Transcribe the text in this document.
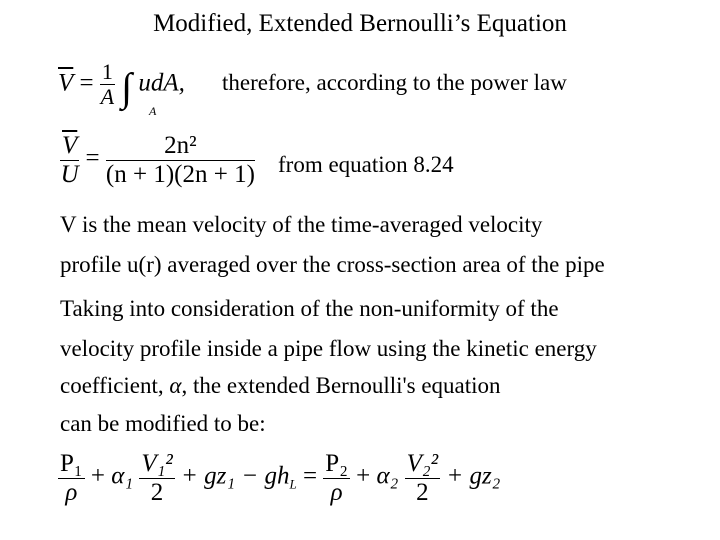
Modified, Extended Bernoulli’s Equation
$\overline{V} = \frac{1}{A}$ ∫ udA,
A
therefore, according to the power law
$\frac{\overline{V}}{U} = \frac{\text{2n²}}{(n + 1)(2n + 1)}$ from equation 8.24
V is the mean velocity of the time-averaged velocity
profile u(r) averaged over the cross-section area of the pipe
Taking into consideration of the non-uniformity of the
velocity profile inside a pipe flow using the kinetic energy
coefficient, α, the extended Bernoulli's equation
can be modified to be:
$\frac{\text{P₁}}{\rho} + \alpha_1 \frac{\text{V₁²}}{2} + gz_1 - gh_L = \frac{\text{P₂}}{\rho} + \alpha_2 \frac{\text{V₂²}}{2} + gz_2$
